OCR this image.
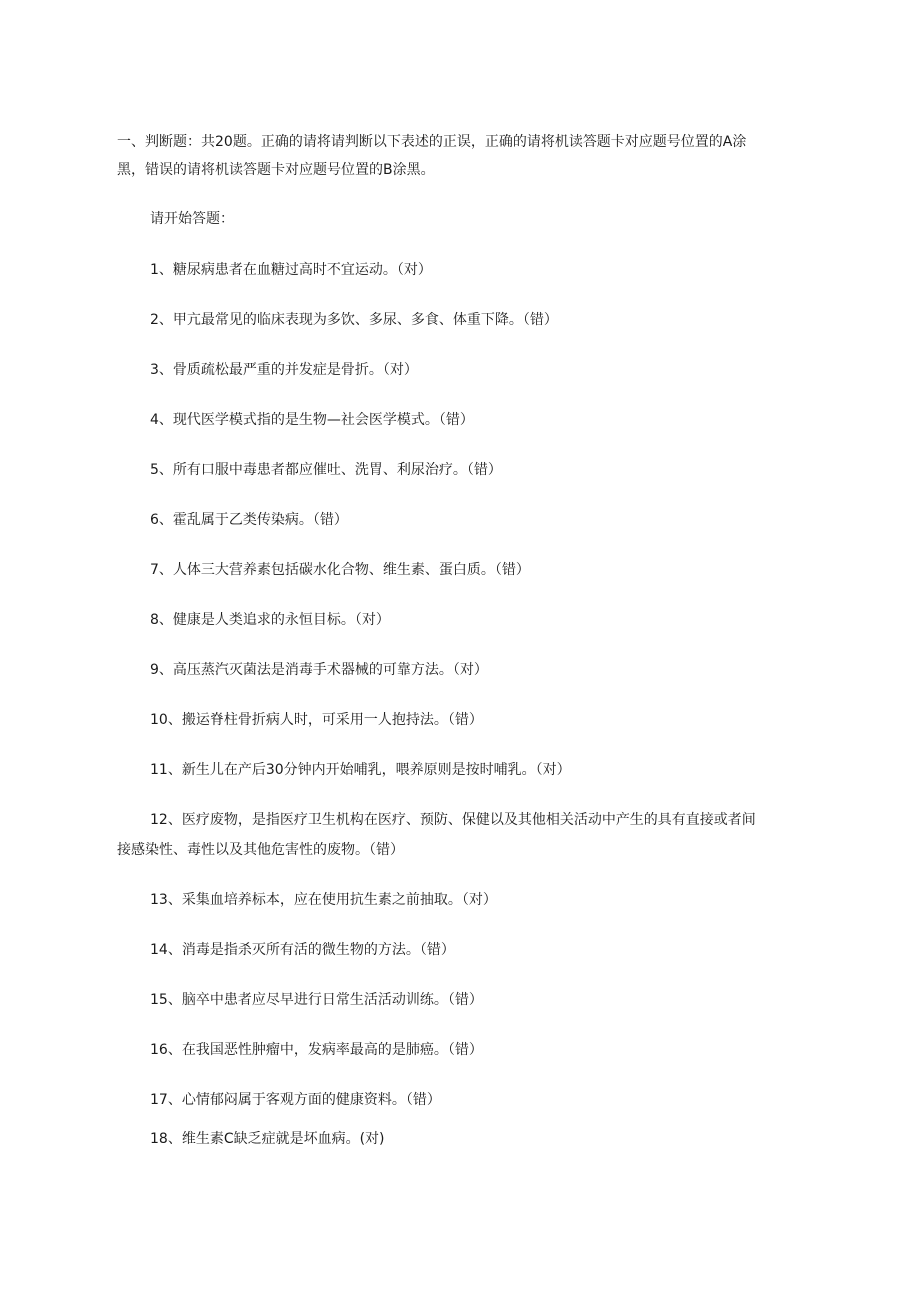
一、判断题：共20题。正确的请将请判断以下表述的正误，正确的请将机读答题卡对应题号位置的A涂黑，错误的请将机读答题卡对应题号位置的B涂黑。

请开始答题：

1、糖尿病患者在血糖过高时不宜运动。（对）

2、甲亢最常见的临床表现为多饮、多尿、多食、体重下降。（错）

3、骨质疏松最严重的并发症是骨折。（对）

4、现代医学模式指的是生物—社会医学模式。（错）

5、所有口服中毒患者都应催吐、洗胃、利尿治疗。（错）

6、霍乱属于乙类传染病。（错）

7、人体三大营养素包括碳水化合物、维生素、蛋白质。（错）

8、健康是人类追求的永恒目标。（对）

9、高压蒸汽灭菌法是消毒手术器械的可靠方法。（对）

10、搬运脊柱骨折病人时，可采用一人抱持法。（错）

11、新生儿在产后30分钟内开始哺乳，喂养原则是按时哺乳。（对）

12、医疗废物，是指医疗卫生机构在医疗、预防、保健以及其他相关活动中产生的具有直接或者间接感染性、毒性以及其他危害性的废物。（错）

13、采集血培养标本，应在使用抗生素之前抽取。（对）

14、消毒是指杀灭所有活的微生物的方法。（错）

15、脑卒中患者应尽早进行日常生活活动训练。（错）

16、在我国恶性肿瘤中，发病率最高的是肺癌。（错）

17、心情郁闷属于客观方面的健康资料。（错）

18、维生素C缺乏症就是坏血病。(对)
